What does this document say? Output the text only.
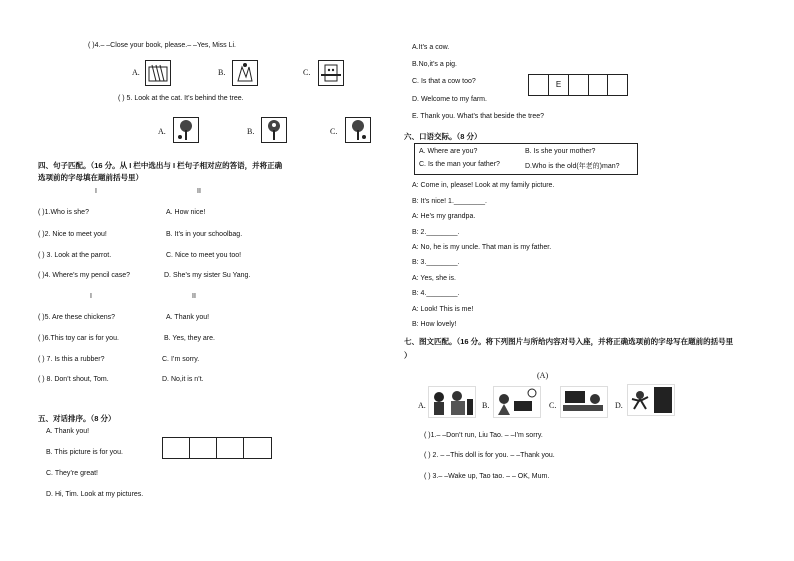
( )4.– –Close your book, please.– –Yes, Miss Li.
A.	B.	C.
( ) 5. Look at the cat. It’s behind the tree.
A.	B.	C.
四、句子匹配。（16 分。从 I 栏中选出与 I 栏句子相对应的答语，并将正确
选项前的字母填在题前括号里）
I	II
( )1.Who is she?	A. How nice!
( )2. Nice to meet you!	B. It’s in your schoolbag.
( ) 3. Look at the parrot.	C. Nice to meet you too!
( )4. Where’s my pencil case?	D. She’s my sister Su Yang.
I	II
( )5. Are these chickens?	A. Thank you!
( )6.This toy car is for you.	B. Yes, they are.
( ) 7. Is this a rubber?	C. I’m sorry.
( ) 8. Don’t shout, Tom.	D. No,it is n’t.
五、对话排序。（8 分）
A. Thank you!
B. This picture is for you.
C. They’re great!
D. Hi, Tim. Look at my pictures.
A.It’s a cow.
B.No,it’s a pig.
C. Is that a cow too?
D. Welcome to my farm.
E. Thank you. What’s that beside the tree?
E
六、口语交际。（8 分）
A. Where are you?	B. Is she your mother?
C. Is the man your father?	D.Who is the old(年老的)man?
A: Come in, please! Look at my family picture.
B: It’s nice! 1.________.
A: He’s my grandpa.
B: 2.________.
A: No, he is my uncle. That man is my father.
B: 3.________.
A: Yes, she is.
B: 4.________.
A: Look! This is me!
B: How lovely!
七、图文匹配。（16 分。将下列图片与所给内容对号入座，并将正确选项前的字母写在题前的括号里
）
(A)
A.	B.	C.	D.
( )1.– –Don’t run, Liu Tao. – –I’m sorry.
( ) 2. – –This doll is for you. – –Thank you.
( ) 3.– –Wake up, Tao tao. – – OK, Mum.
